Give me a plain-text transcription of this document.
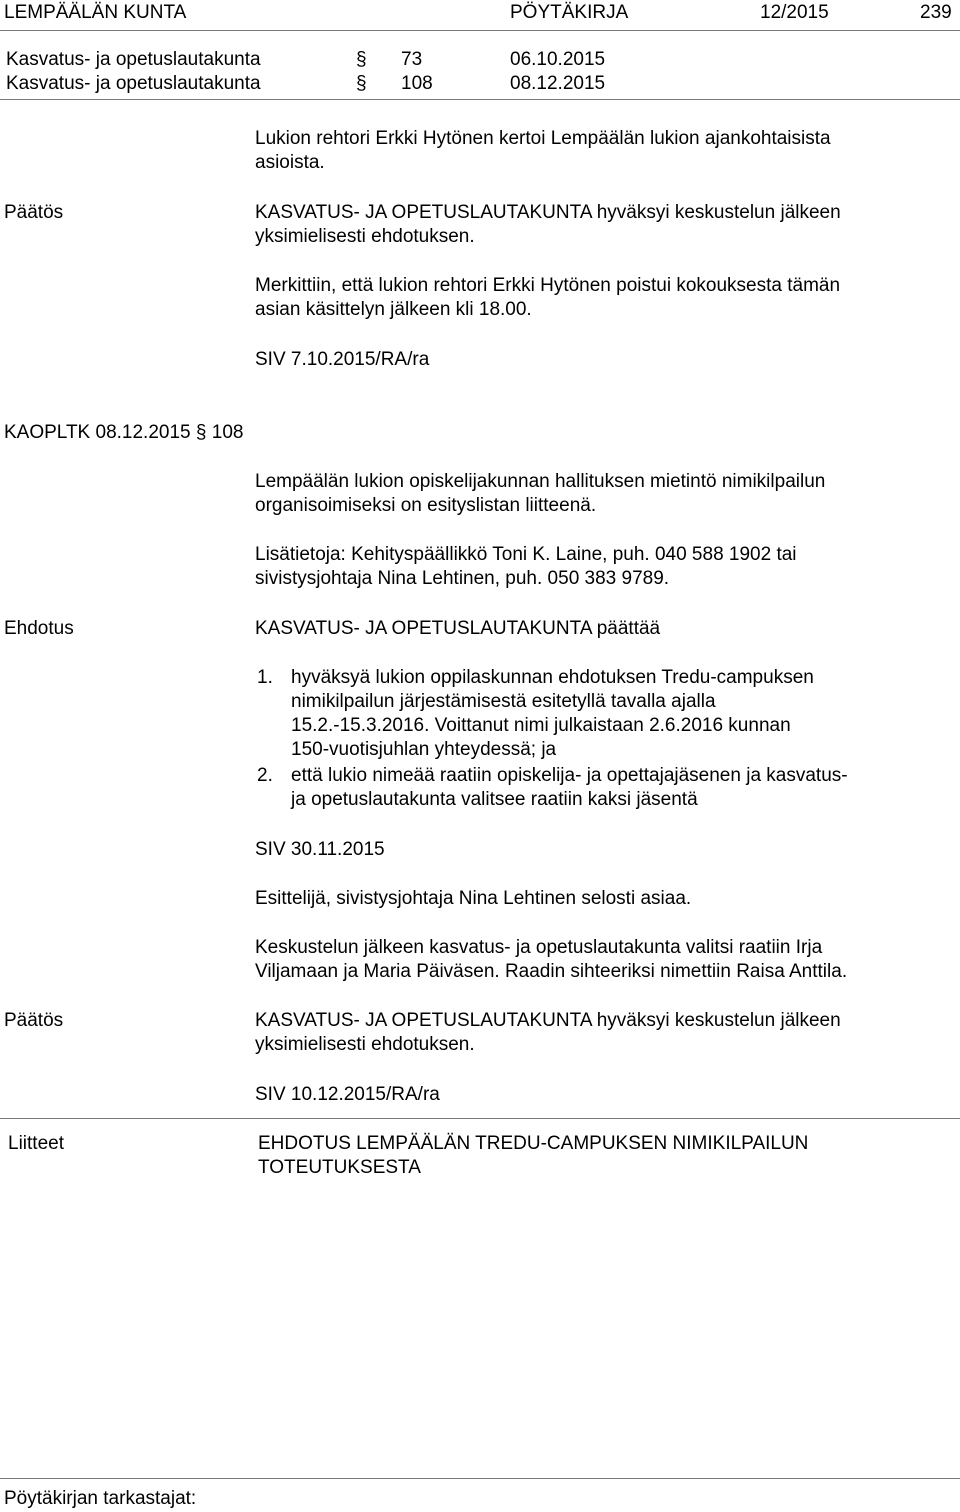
LEMPÄÄLÄN KUNTA	PÖYTÄKIRJA	12/2015	239
Kasvatus- ja opetuslautakunta	§ 73	06.10.2015
Kasvatus- ja opetuslautakunta	§ 108	08.12.2015
Lukion rehtori Erkki Hytönen kertoi Lempäälän lukion ajankohtaisista
asioista.
Päätös	KASVATUS- JA OPETUSLAUTAKUNTA hyväksyi keskustelun jälkeen
yksimielisesti ehdotuksen.
Merkittiin, että lukion rehtori Erkki Hytönen poistui kokouksesta tämän
asian käsittelyn jälkeen kli 18.00.
SIV 7.10.2015/RA/ra
KAOPLTK 08.12.2015 § 108
Lempäälän lukion opiskelijakunnan hallituksen mietintö nimikilpailun
organisoimiseksi on esityslistan liitteenä.
Lisätietoja: Kehityspäällikkö Toni K. Laine, puh. 040 588 1902 tai
sivistysjohtaja Nina Lehtinen, puh. 050 383 9789.
Ehdotus	KASVATUS- JA OPETUSLAUTAKUNTA päättää
1. hyväksyä lukion oppilaskunnan ehdotuksen Tredu-campuksen
nimikilpailun järjestämisestä esitetyllä tavalla ajalla
15.2.-15.3.2016. Voittanut nimi julkaistaan 2.6.2016 kunnan
150-vuotisjuhlan yhteydessä; ja
2. että lukio nimeää raatiin opiskelija- ja opettajajäsenen ja kasvatus-
ja opetuslautakunta valitsee raatiin kaksi jäsentä
SIV 30.11.2015
Esittelijä, sivistysjohtaja Nina Lehtinen selosti asiaa.
Keskustelun jälkeen kasvatus- ja opetuslautakunta valitsi raatiin Irja
Viljamaan ja Maria Päiväsen. Raadin sihteeriksi nimettiin Raisa Anttila.
Päätös	KASVATUS- JA OPETUSLAUTAKUNTA hyväksyi keskustelun jälkeen
yksimielisesti ehdotuksen.
SIV 10.12.2015/RA/ra
Liitteet	EHDOTUS LEMPÄÄLÄN TREDU-CAMPUKSEN NIMIKILPAILUN
TOTEUTUKSESTA
Pöytäkirjan tarkastajat:
